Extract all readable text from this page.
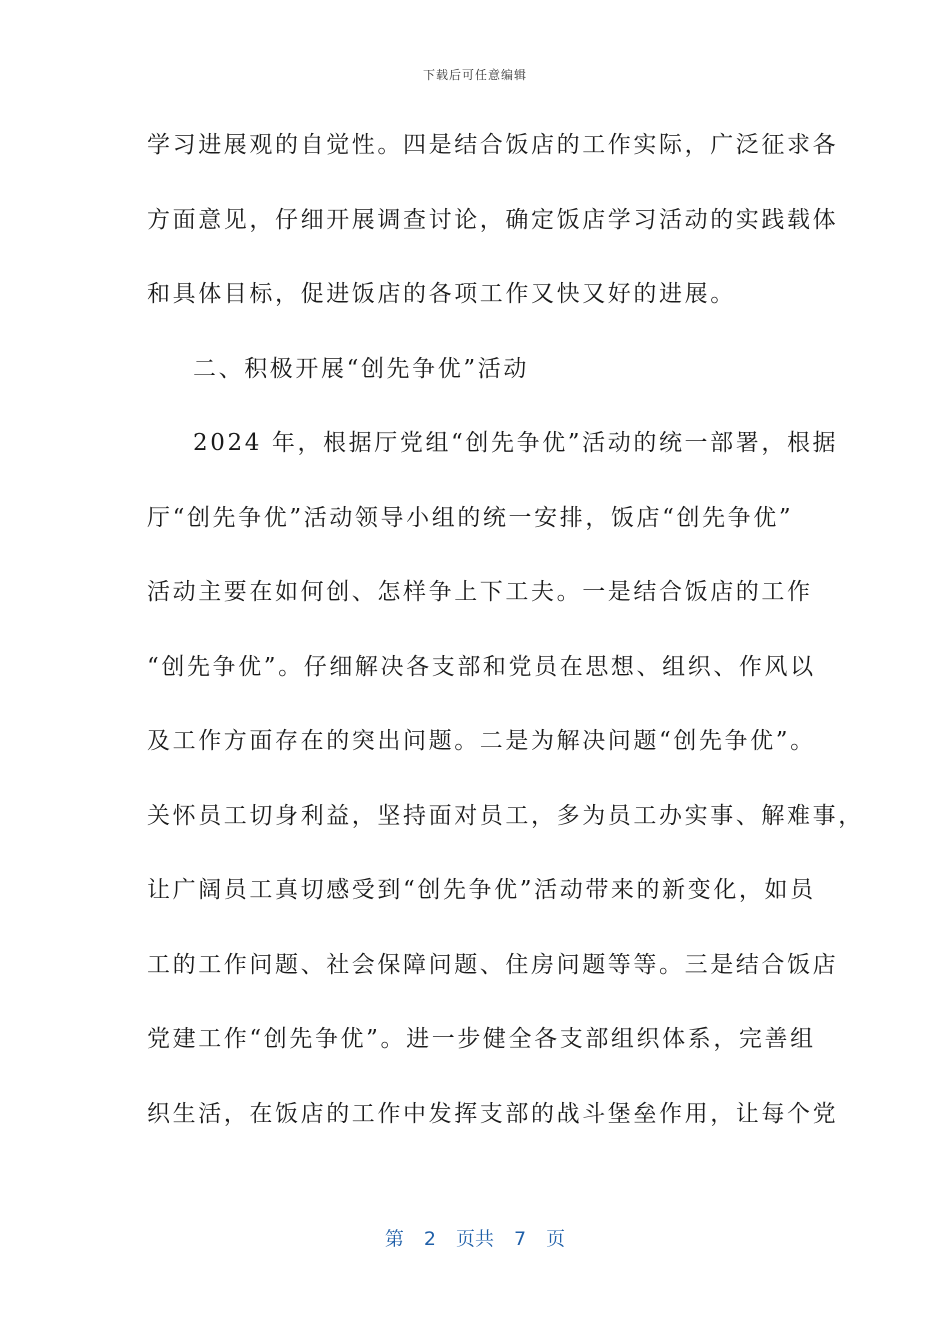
下载后可任意编辑
学习进展观的自觉性。四是结合饭店的工作实际，广泛征求各
方面意见，仔细开展调查讨论，确定饭店学习活动的实践载体
和具体目标，促进饭店的各项工作又快又好的进展。
二、积极开展“创先争优”活动
2024 年，根据厅党组“创先争优”活动的统一部署，根据
厅“创先争优”活动领导小组的统一安排，饭店“创先争优”
活动主要在如何创、怎样争上下工夫。一是结合饭店的工作
“创先争优”。仔细解决各支部和党员在思想、组织、作风以
及工作方面存在的突出问题。二是为解决问题“创先争优”。
关怀员工切身利益，坚持面对员工，多为员工办实事、解难事，
让广阔员工真切感受到“创先争优”活动带来的新变化，如员
工的工作问题、社会保障问题、住房问题等等。三是结合饭店
党建工作“创先争优”。进一步健全各支部组织体系，完善组
织生活，在饭店的工作中发挥支部的战斗堡垒作用，让每个党
第 2 页共 7 页
